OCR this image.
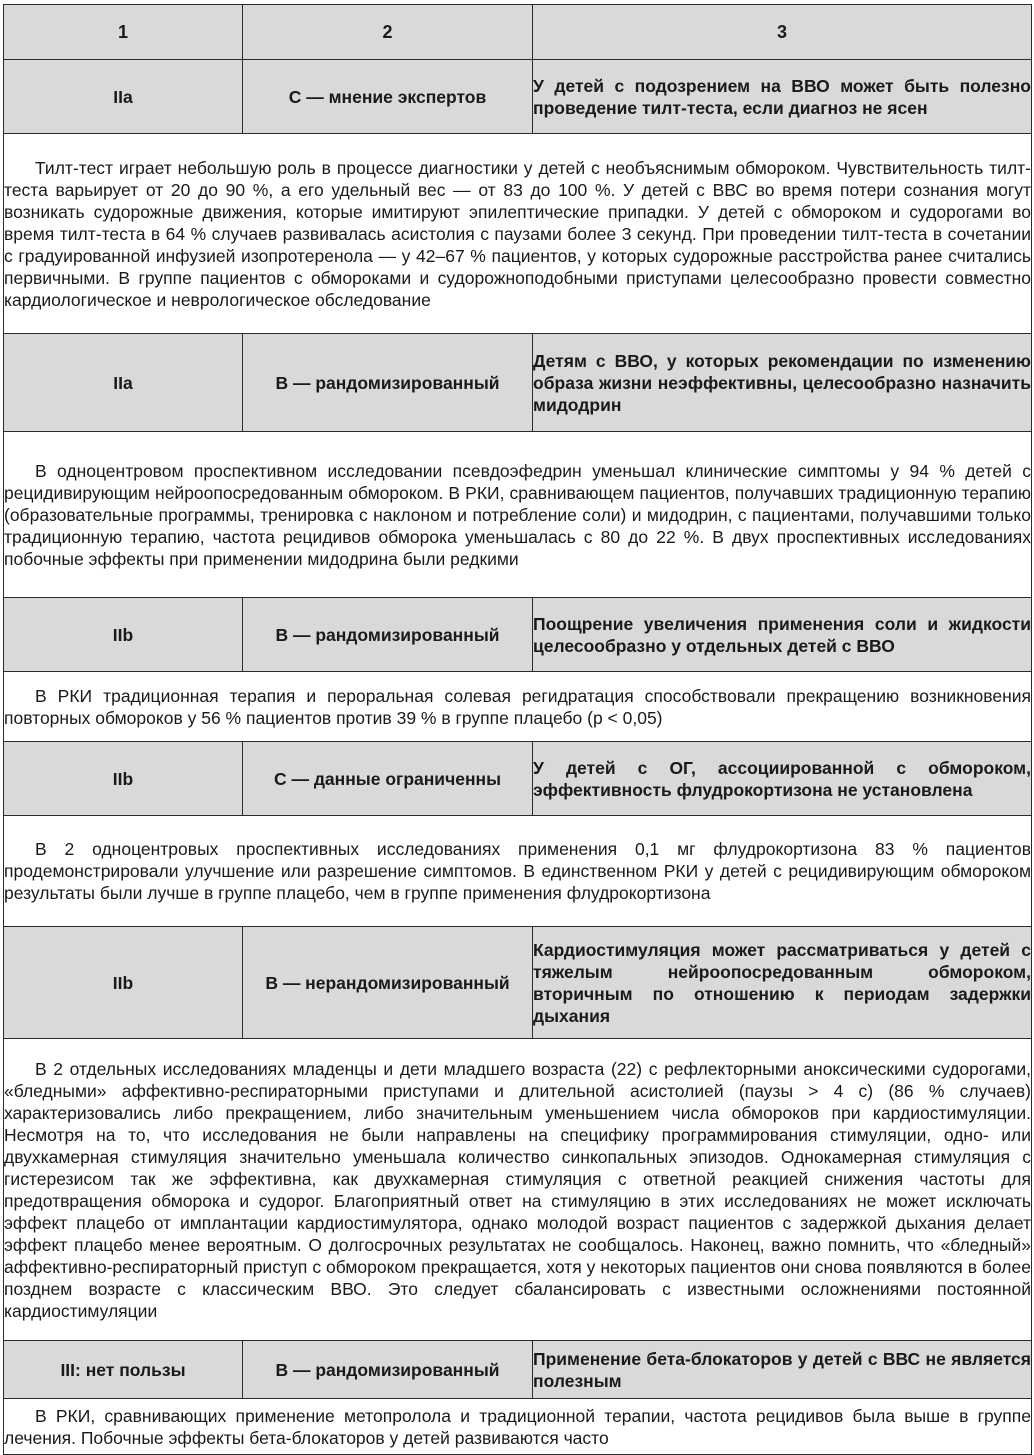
1	2	3
IIa	C — мнение экспертов	У детей с подозрением на ВВО может быть полезно проведение тилт-теста, если диагноз не ясен

Тилт-тест играет небольшую роль в процессе диагностики у детей с необъяснимым обмороком. Чувствительность тилт-теста варьирует от 20 до 90 %, а его удельный вес — от 83 до 100 %. У детей с ВВС во время потери сознания могут возникать судорожные движения, которые имитируют эпилептические припадки. У детей с обмороком и судорогами во время тилт-теста в 64 % случаев развивалась асистолия с паузами более 3 секунд. При проведении тилт-теста в сочетании с градуированной инфузией изопротеренола — у 42–67 % пациентов, у которых судорожные расстройства ранее считались первичными. В группе пациентов с обмороками и судорожноподобными приступами целесообразно провести совместно кардиологическое и неврологическое обследование		

IIa	B — рандомизированный	Детям с ВВО, у которых рекомендации по изменению образа жизни неэффективны, целесообразно назначить мидодрин

В одноцентровом проспективном исследовании псевдоэфедрин уменьшал клинические симптомы у 94 % детей с рецидивирующим нейроопосредованным обмороком. В РКИ, сравнивающем пациентов, получавших традиционную терапию (образовательные программы, тренировка с наклоном и потребление соли) и мидодрин, с пациентами, получавшими только традиционную терапию, частота рецидивов обморока уменьшалась с 80 до 22 %. В двух проспективных исследованиях побочные эффекты при применении мидодрина были редкими		

IIb	B — рандомизированный	Поощрение увеличения применения соли и жидкости целесообразно у отдельных детей с ВВО

В РКИ традиционная терапия и пероральная солевая регидратация способствовали прекращению возникновения повторных обмороков у 56 % пациентов против 39 % в группе плацебо (p < 0,05)		

IIb	C — данные ограниченны	У детей с ОГ, ассоциированной с обмороком, эффективность флудрокортизона не установлена

В 2 одноцентровых проспективных исследованиях применения 0,1 мг флудрокортизона 83 % пациентов продемонстрировали улучшение или разрешение симптомов. В единственном РКИ у детей с рецидивирующим обмороком результаты были лучше в группе плацебо, чем в группе применения флудрокортизона		

IIb	B — нерандомизированный	Кардиостимуляция может рассматриваться у детей с тяжелым нейроопосредованным обмороком, вторичным по отношению к периодам задержки дыхания

В 2 отдельных исследованиях младенцы и дети младшего возраста (22) с рефлекторными аноксическими судорогами, «бледными» аффективно-респираторными приступами и длительной асистолией (паузы > 4 с) (86 % случаев) характеризовались либо прекращением, либо значительным уменьшением числа обмороков при кардиостимуляции. Несмотря на то, что исследования не были направлены на специфику программирования стимуляции, одно- или двухкамерная стимуляция значительно уменьшала количество синкопальных эпизодов. Однокамерная стимуляция с гистерезисом так же эффективна, как двухкамерная стимуляция с ответной реакцией снижения частоты для предотвращения обморока и судорог. Благоприятный ответ на стимуляцию в этих исследованиях не может исключать эффект плацебо от имплантации кардиостимулятора, однако молодой возраст пациентов с задержкой дыхания делает эффект плацебо менее вероятным. О долгосрочных результатах не сообщалось. Наконец, важно помнить, что «бледный» аффективно-респираторный приступ с обмороком прекращается, хотя у некоторых пациентов они снова появляются в более позднем возрасте с классическим ВВО. Это следует сбалансировать с известными осложнениями постоянной кардиостимуляции		

III: нет пользы	B — рандомизированный	Применение бета-блокаторов у детей с ВВС не является полезным

В РКИ, сравнивающих применение метопролола и традиционной терапии, частота рецидивов была выше в группе лечения. Побочные эффекты бета-блокаторов у детей развиваются часто		
